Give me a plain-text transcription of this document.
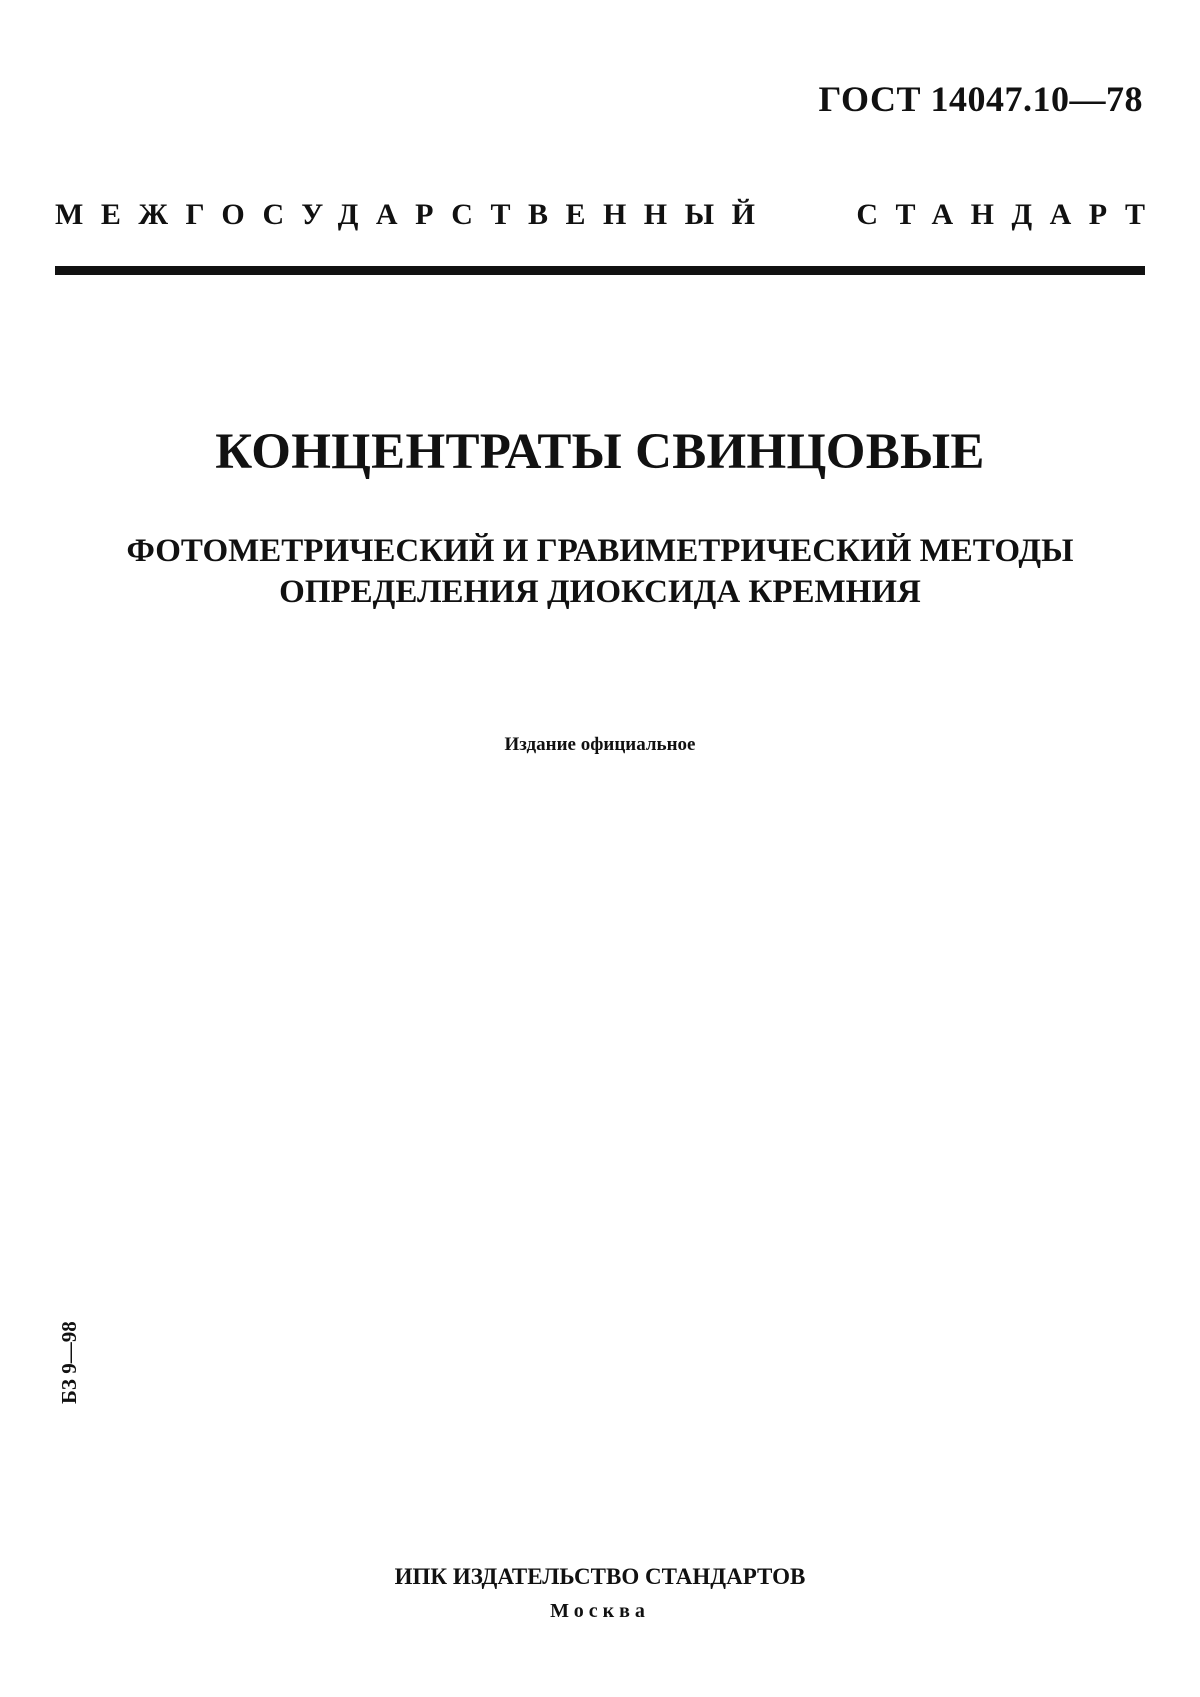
ГОСТ 14047.10—78
МЕЖГОСУДАРСТВЕННЫЙ	СТАНДАРТ
КОНЦЕНТРАТЫ СВИНЦОВЫЕ
ФОТОМЕТРИЧЕСКИЙ И ГРАВИМЕТРИЧЕСКИЙ МЕТОДЫ
ОПРЕДЕЛЕНИЯ ДИОКСИДА КРЕМНИЯ
Издание официальное
БЗ 9—98
ИПК ИЗДАТЕЛЬСТВО СТАНДАРТОВ
Москва
